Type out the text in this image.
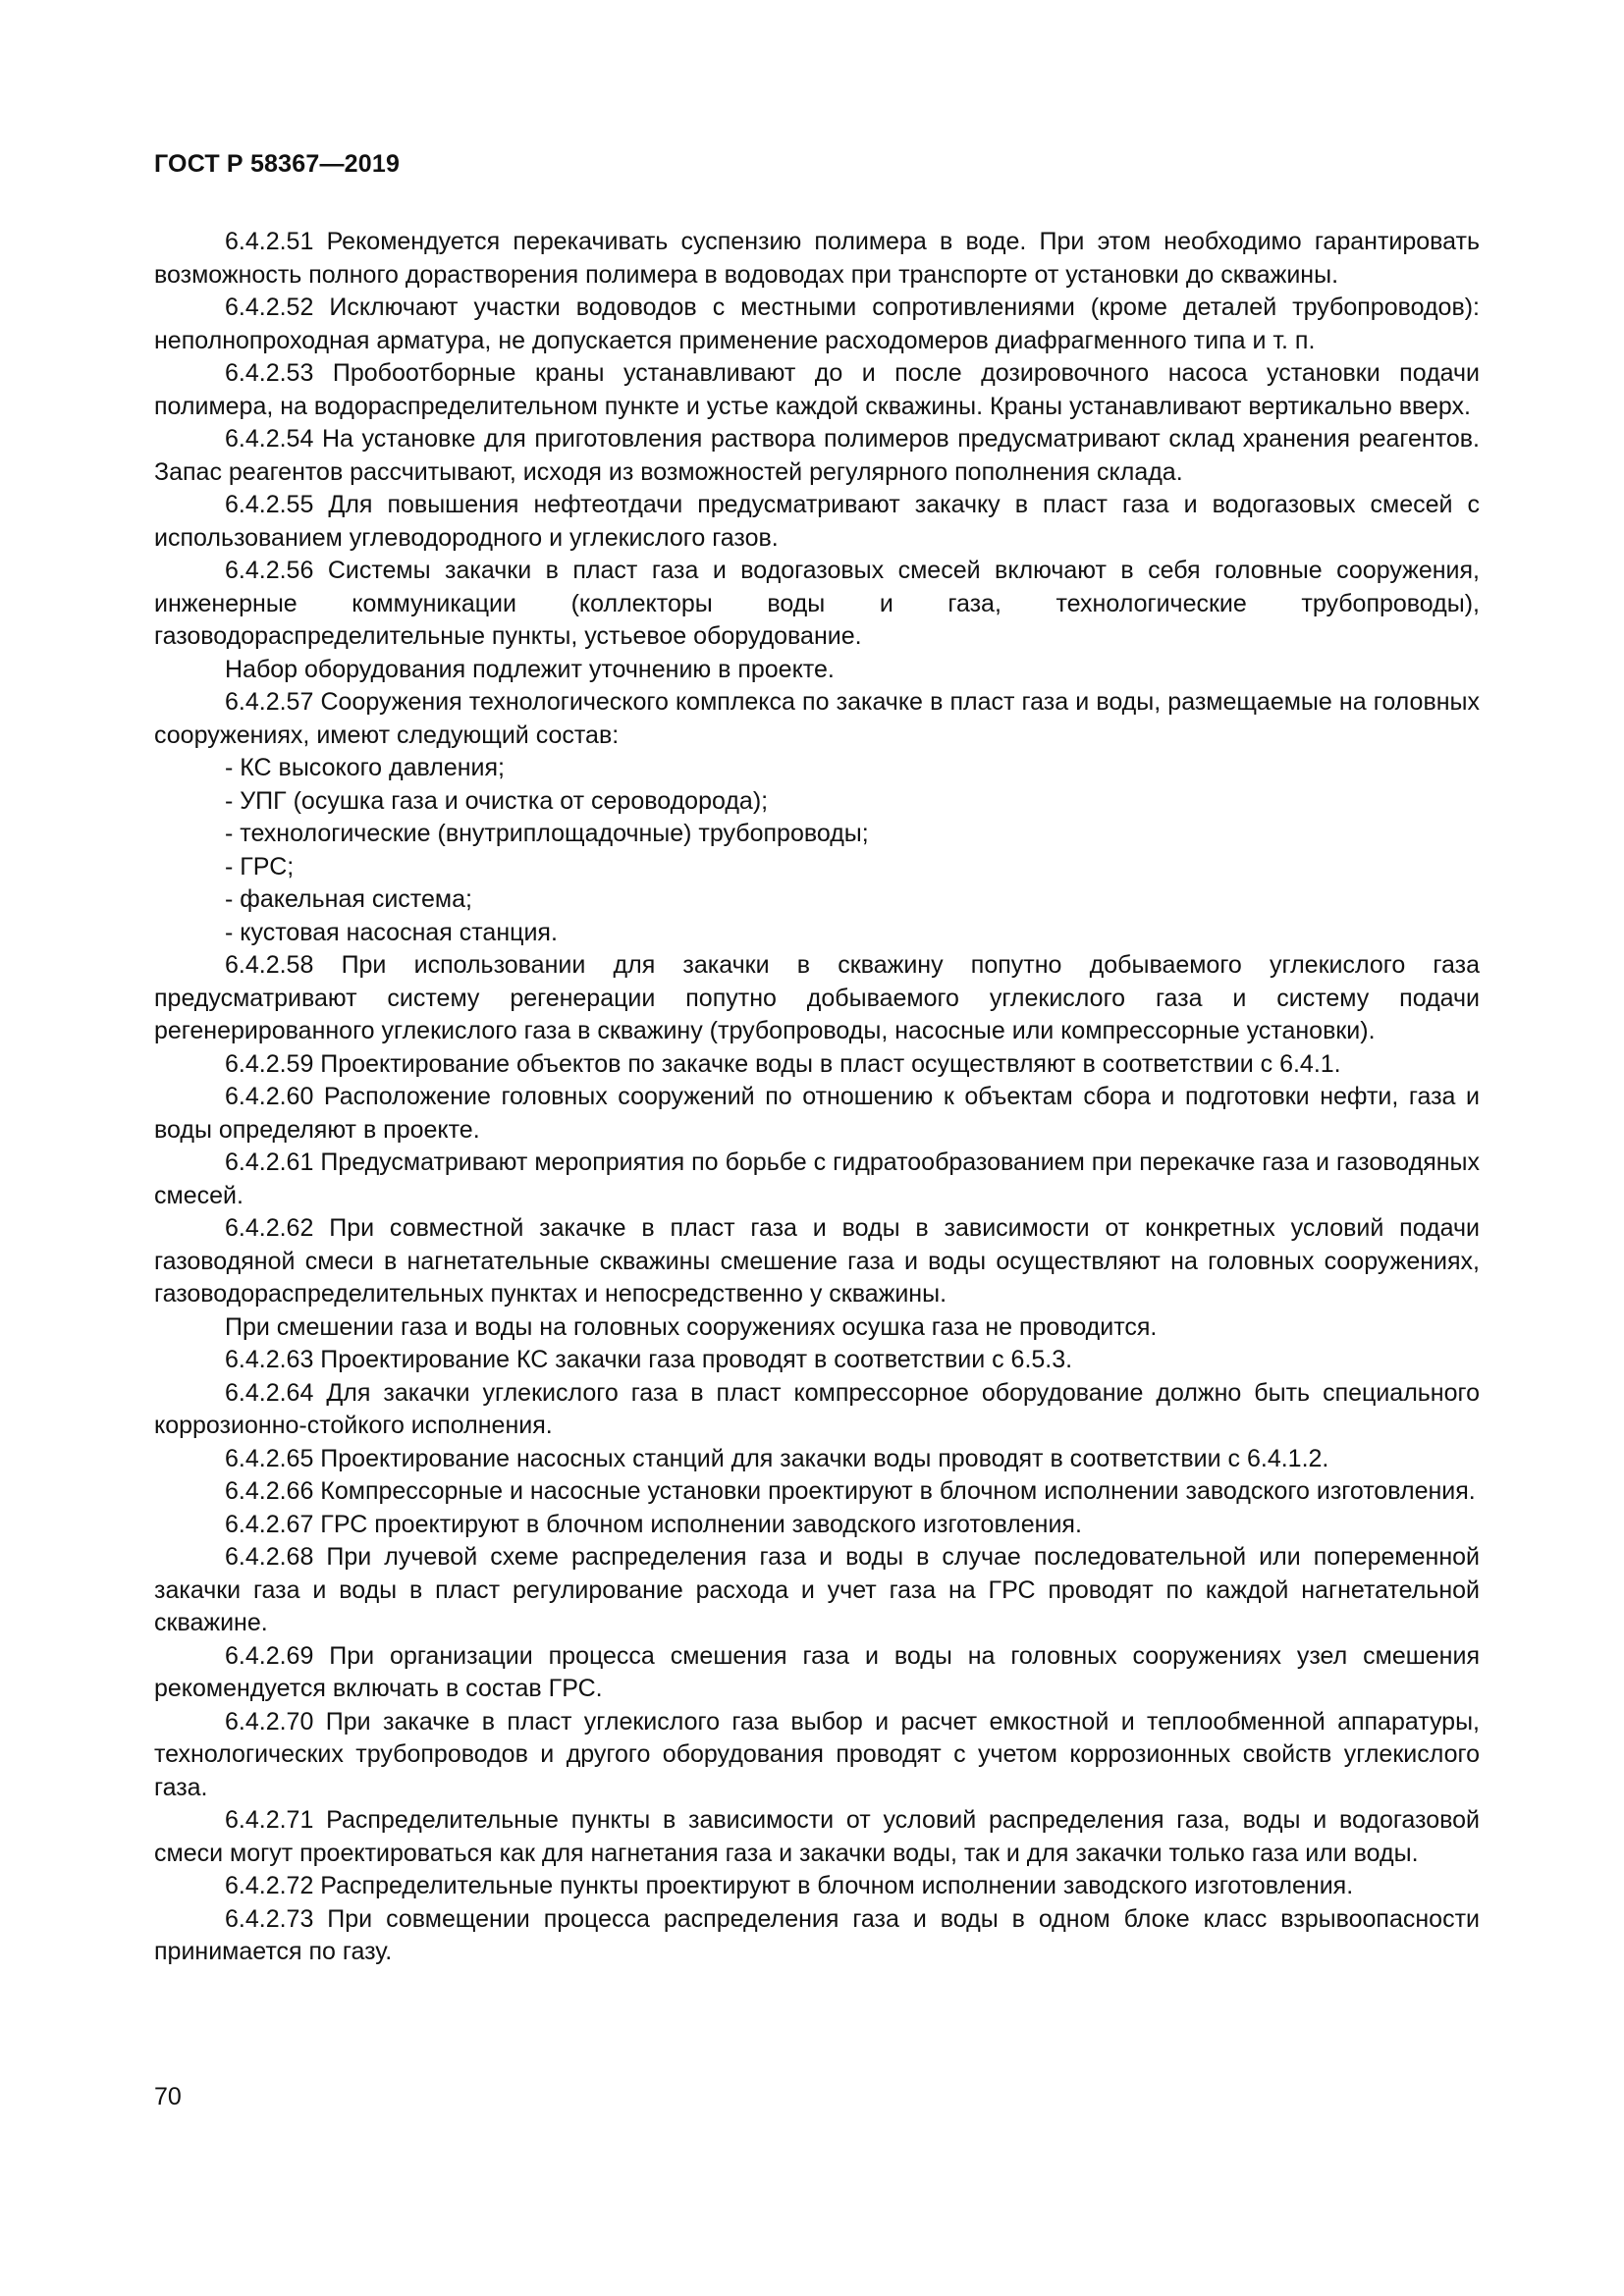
ГОСТ Р 58367—2019

6.4.2.51 Рекомендуется перекачивать суспензию полимера в воде. При этом необходимо гарантировать возможность полного дорастворения полимера в водоводах при транспорте от установки до скважины.

6.4.2.52 Исключают участки водоводов с местными сопротивлениями (кроме деталей трубопроводов): неполнопроходная арматура, не допускается применение расходомеров диафрагменного типа и т. п.

6.4.2.53 Пробоотборные краны устанавливают до и после дозировочного насоса установки подачи полимера, на водораспределительном пункте и устье каждой скважины. Краны устанавливают вертикально вверх.

6.4.2.54 На установке для приготовления раствора полимеров предусматривают склад хранения реагентов. Запас реагентов рассчитывают, исходя из возможностей регулярного пополнения склада.

6.4.2.55 Для повышения нефтеотдачи предусматривают закачку в пласт газа и водогазовых смесей с использованием углеводородного и углекислого газов.

6.4.2.56 Системы закачки в пласт газа и водогазовых смесей включают в себя головные сооружения, инженерные коммуникации (коллекторы воды и газа, технологические трубопроводы), газоводораспределительные пункты, устьевое оборудование.

Набор оборудования подлежит уточнению в проекте.

6.4.2.57 Сооружения технологического комплекса по закачке в пласт газа и воды, размещаемые на головных сооружениях, имеют следующий состав:

- КС высокого давления;

- УПГ (осушка газа и очистка от сероводорода);

- технологические (внутриплощадочные) трубопроводы;

- ГРС;

- факельная система;

- кустовая насосная станция.

6.4.2.58 При использовании для закачки в скважину попутно добываемого углекислого газа предусматривают систему регенерации попутно добываемого углекислого газа и систему подачи регенерированного углекислого газа в скважину (трубопроводы, насосные или компрессорные установки).

6.4.2.59 Проектирование объектов по закачке воды в пласт осуществляют в соответствии с 6.4.1.

6.4.2.60 Расположение головных сооружений по отношению к объектам сбора и подготовки нефти, газа и воды определяют в проекте.

6.4.2.61 Предусматривают мероприятия по борьбе с гидратообразованием при перекачке газа и газоводяных смесей.

6.4.2.62 При совместной закачке в пласт газа и воды в зависимости от конкретных условий подачи газоводяной смеси в нагнетательные скважины смешение газа и воды осуществляют на головных сооружениях, газоводораспределительных пунктах и непосредственно у скважины.

При смешении газа и воды на головных сооружениях осушка газа не проводится.

6.4.2.63 Проектирование КС закачки газа проводят в соответствии с 6.5.3.

6.4.2.64 Для закачки углекислого газа в пласт компрессорное оборудование должно быть специального коррозионно-стойкого исполнения.

6.4.2.65 Проектирование насосных станций для закачки воды проводят в соответствии с 6.4.1.2.

6.4.2.66 Компрессорные и насосные установки проектируют в блочном исполнении заводского изготовления.

6.4.2.67 ГРС проектируют в блочном исполнении заводского изготовления.

6.4.2.68 При лучевой схеме распределения газа и воды в случае последовательной или попеременной закачки газа и воды в пласт регулирование расхода и учет газа на ГРС проводят по каждой нагнетательной скважине.

6.4.2.69 При организации процесса смешения газа и воды на головных сооружениях узел смешения рекомендуется включать в состав ГРС.

6.4.2.70 При закачке в пласт углекислого газа выбор и расчет емкостной и теплообменной аппаратуры, технологических трубопроводов и другого оборудования проводят с учетом коррозионных свойств углекислого газа.

6.4.2.71 Распределительные пункты в зависимости от условий распределения газа, воды и водогазовой смеси могут проектироваться как для нагнетания газа и закачки воды, так и для закачки только газа или воды.

6.4.2.72 Распределительные пункты проектируют в блочном исполнении заводского изготовления.

6.4.2.73 При совмещении процесса распределения газа и воды в одном блоке класс взрывоопасности принимается по газу.

70
